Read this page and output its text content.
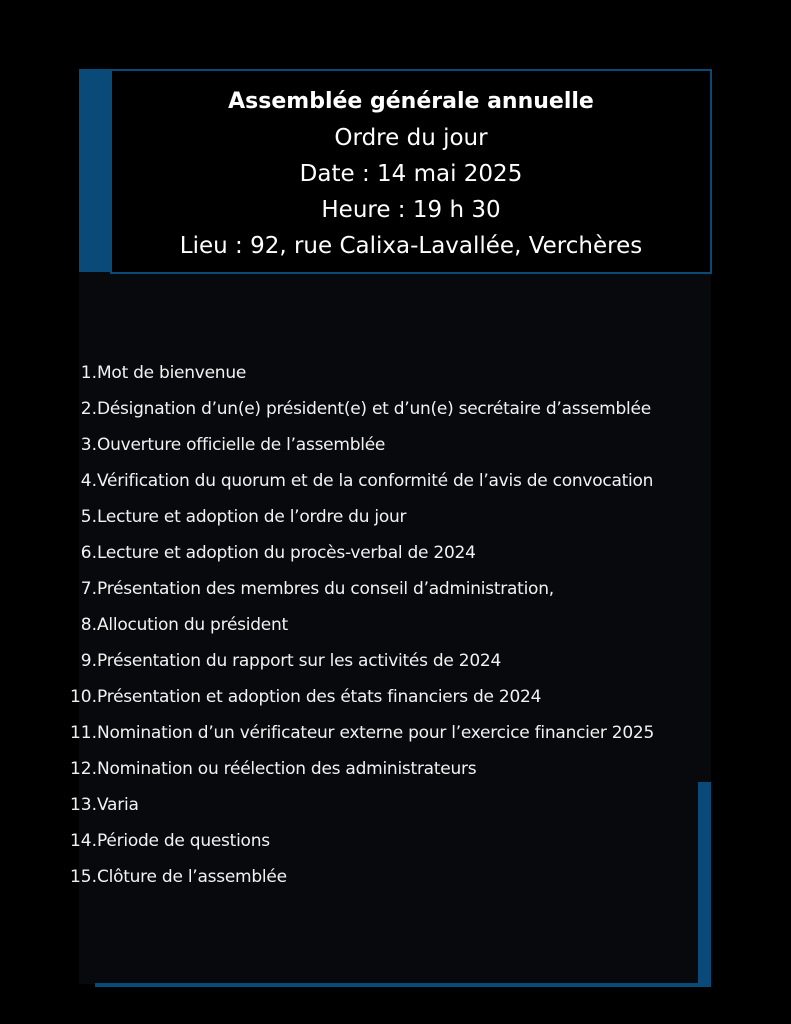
Assemblée générale annuelle
Ordre du jour
Date : 14 mai 2025
Heure : 19 h 30
Lieu : 92, rue Calixa-Lavallée, Verchères
1. Mot de bienvenue
2. Désignation d’un(e) président(e) et d’un(e) secrétaire d’assemblée
3. Ouverture officielle de l’assemblée
4. Vérification du quorum et de la conformité de l’avis de convocation
5. Lecture et adoption de l’ordre du jour
6. Lecture et adoption du procès-verbal de 2024
7. Présentation des membres du conseil d’administration,
8. Allocution du président
9. Présentation du rapport sur les activités de 2024
10. Présentation et adoption des états financiers de 2024
11. Nomination d’un vérificateur externe pour l’exercice financier 2025
12. Nomination ou réélection des administrateurs
13. Varia
14. Période de questions
15. Clôture de l’assemblée
